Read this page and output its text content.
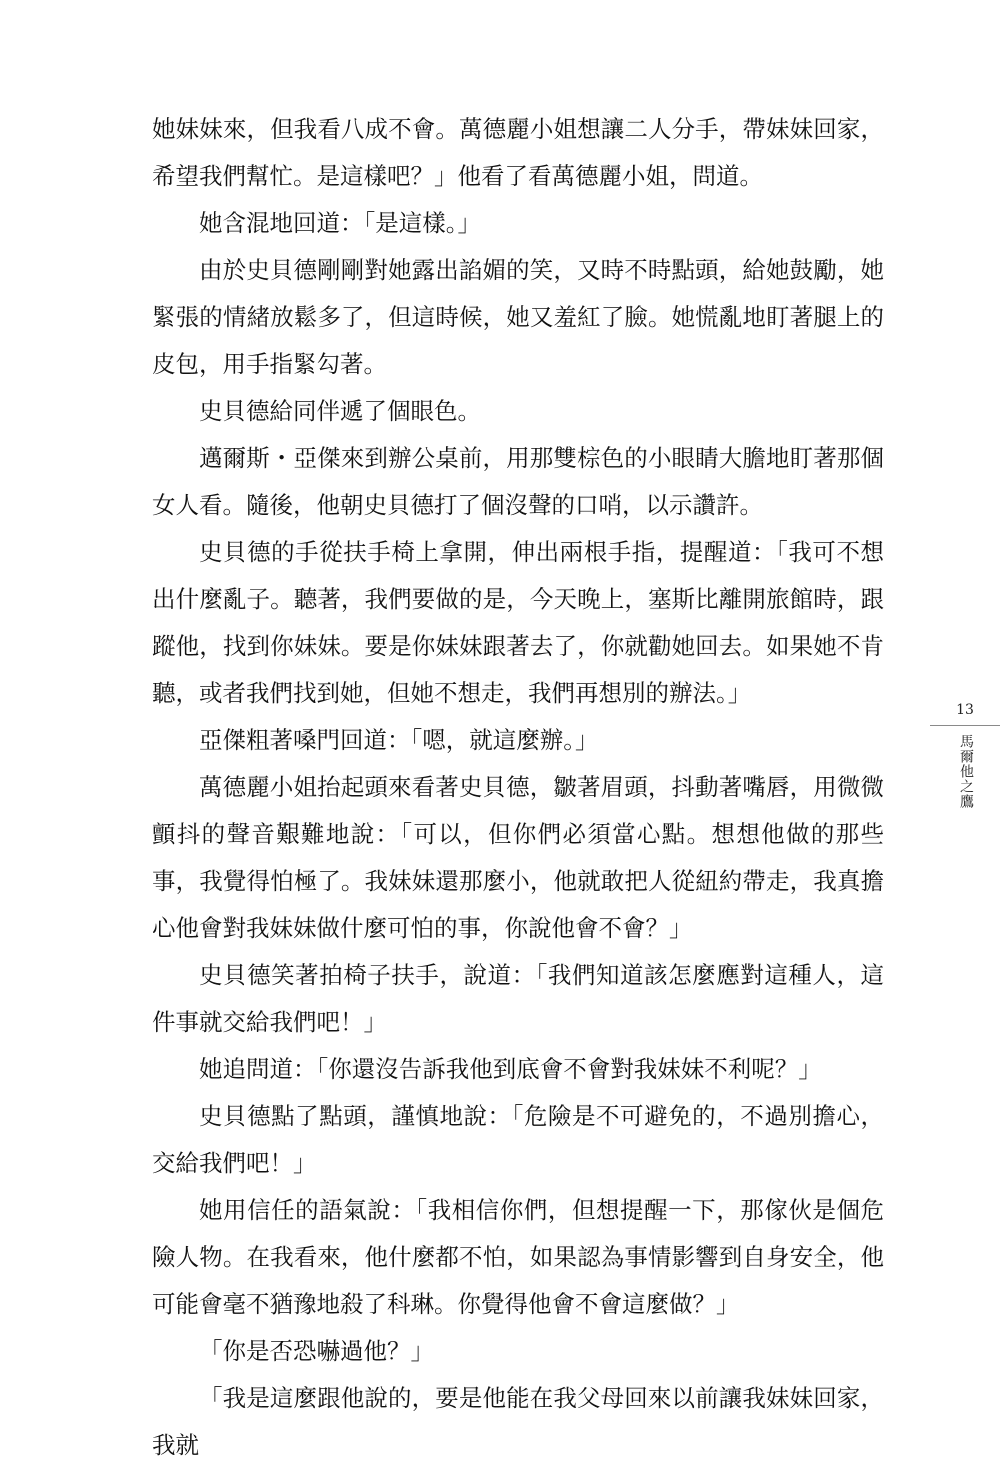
她妹妹來，但我看八成不會。萬德麗小姐想讓二人分手，帶妹妹回家，希望我們幫忙。是這樣吧？」他看了看萬德麗小姐，問道。

她含混地回道：「是這樣。」

由於史貝德剛剛對她露出諂媚的笑，又時不時點頭，給她鼓勵，她緊張的情緒放鬆多了，但這時候，她又羞紅了臉。她慌亂地盯著腿上的皮包，用手指緊勾著。

史貝德給同伴遞了個眼色。

邁爾斯・亞傑來到辦公桌前，用那雙棕色的小眼睛大膽地盯著那個女人看。隨後，他朝史貝德打了個沒聲的口哨，以示讚許。

史貝德的手從扶手椅上拿開，伸出兩根手指，提醒道：「我可不想出什麼亂子。聽著，我們要做的是，今天晚上，塞斯比離開旅館時，跟蹤他，找到你妹妹。要是你妹妹跟著去了，你就勸她回去。如果她不肯聽，或者我們找到她，但她不想走，我們再想別的辦法。」

亞傑粗著嗓門回道：「嗯，就這麼辦。」

萬德麗小姐抬起頭來看著史貝德，皺著眉頭，抖動著嘴唇，用微微顫抖的聲音艱難地說：「可以，但你們必須當心點。想想他做的那些事，我覺得怕極了。我妹妹還那麼小，他就敢把人從紐約帶走，我真擔心他會對我妹妹做什麼可怕的事，你說他會不會？」

史貝德笑著拍椅子扶手，說道：「我們知道該怎麼應對這種人，這件事就交給我們吧！」

她追問道：「你還沒告訴我他到底會不會對我妹妹不利呢？」

史貝德點了點頭，謹慎地說：「危險是不可避免的，不過別擔心，交給我們吧！」

她用信任的語氣說：「我相信你們，但想提醒一下，那傢伙是個危險人物。在我看來，他什麼都不怕，如果認為事情影響到自身安全，他可能會毫不猶豫地殺了科琳。你覺得他會不會這麼做？」

「你是否恐嚇過他？」

「我是這麼跟他說的，要是他能在我父母回來以前讓我妹妹回家，我就

13
馬爾他之鷹
